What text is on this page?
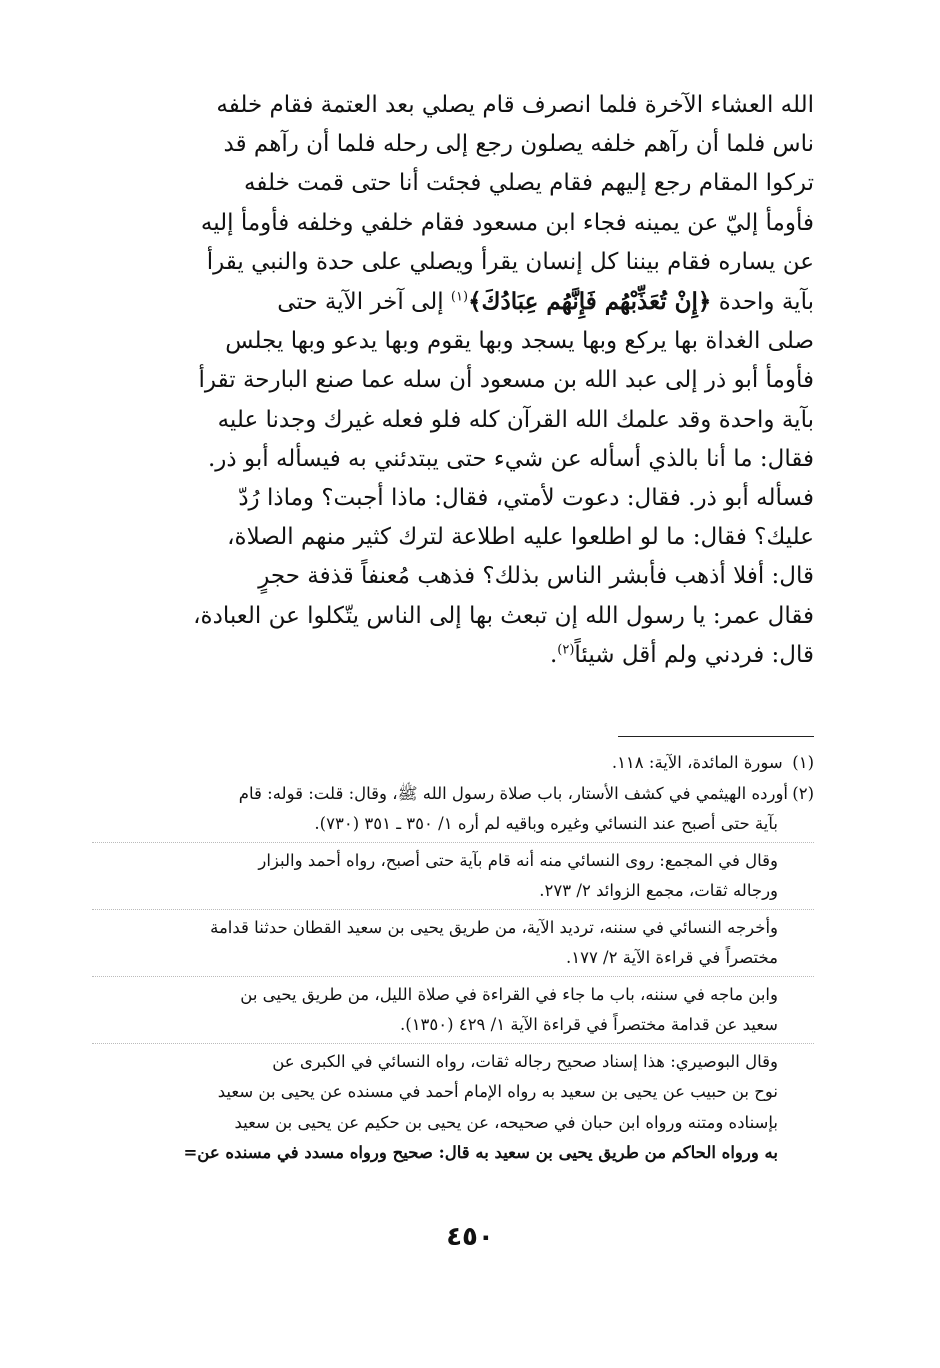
الله العشاء الآخرة فلما انصرف قام يصلي بعد العتمة فقام خلفه
ناس فلما أن رآهم خلفه يصلون رجع إلى رحله فلما أن رآهم قد
تركوا المقام رجع إليهم فقام يصلي فجئت أنا حتى قمت خلفه
فأومأ إليّ عن يمينه فجاء ابن مسعود فقام خلفي وخلفه فأومأ إليه
عن يساره فقام بيننا كل إنسان يقرأ ويصلي على حدة والنبي يقرأ
بآية واحدة ﴿إِنْ تُعَذِّبْهُم فَإِنَّهُم عِبَادُكَ﴾$^{(١)}$ إلى آخر الآية حتى
صلى الغداة بها يركع وبها يسجد وبها يقوم وبها يدعو وبها يجلس
فأومأ أبو ذر إلى عبد الله بن مسعود أن سله عما صنع البارحة تقرأ
بآية واحدة وقد علمك الله القرآن كله فلو فعله غيرك وجدنا عليه
فقال: ما أنا بالذي أسأله عن شيء حتى يبتدئني به فيسأله أبو ذر.
فسأله أبو ذر. فقال: دعوت لأمتي، فقال: ماذا أجبت؟ وماذا رُدّ
عليك؟ فقال: ما لو اطلعوا عليه اطلاعة لترك كثير منهم الصلاة،
قال: أفلا أذهب فأبشر الناس بذلك؟ فذهب مُعنفاً قذفة حجرٍ
فقال عمر: يا رسول الله إن تبعث بها إلى الناس يتّكلوا عن العبادة،
قال: فردني ولم أقل شيئاً$^{(٢)}$.
(١) سورة المائدة، الآية: ١١٨.
(٢)أورده الهيثمي في كشف الأستار، باب صلاة رسول الله ﷺ، وقال: قلت: قوله: قام
بآية حتى أصبح عند النسائي وغيره وباقيه لم أره ١/ ٣٥٠ ـ ٣٥١ (٧٣٠).
وقال في المجمع: روى النسائي منه أنه قام بآية حتى أصبح، رواه أحمد والبزار
ورجاله ثقات، مجمع الزوائد ٢/ ٢٧٣.
وأخرجه النسائي في سننه، ترديد الآية، من طريق يحيى بن سعيد القطان حدثنا قدامة
مختصراً في قراءة الآية ٢/ ١٧٧.
وابن ماجه في سننه، باب ما جاء في القراءة في صلاة الليل، من طريق يحيى بن
سعيد عن قدامة مختصراً في قراءة الآية ١/ ٤٢٩ (١٣٥٠).
وقال البوصيري: هذا إسناد صحيح رجاله ثقات، رواه النسائي في الكبرى عن
نوح بن حبيب عن يحيى بن سعيد به رواه الإمام أحمد في مسنده عن يحيى بن سعيد
بإسناده ومتنه ورواه ابن حبان في صحيحه، عن يحيى بن حكيم عن يحيى بن سعيد
به ورواه الحاكم من طريق يحيى بن سعيد به قال: صحيح ورواه مسدد في مسنده عن=
٤٥٠
